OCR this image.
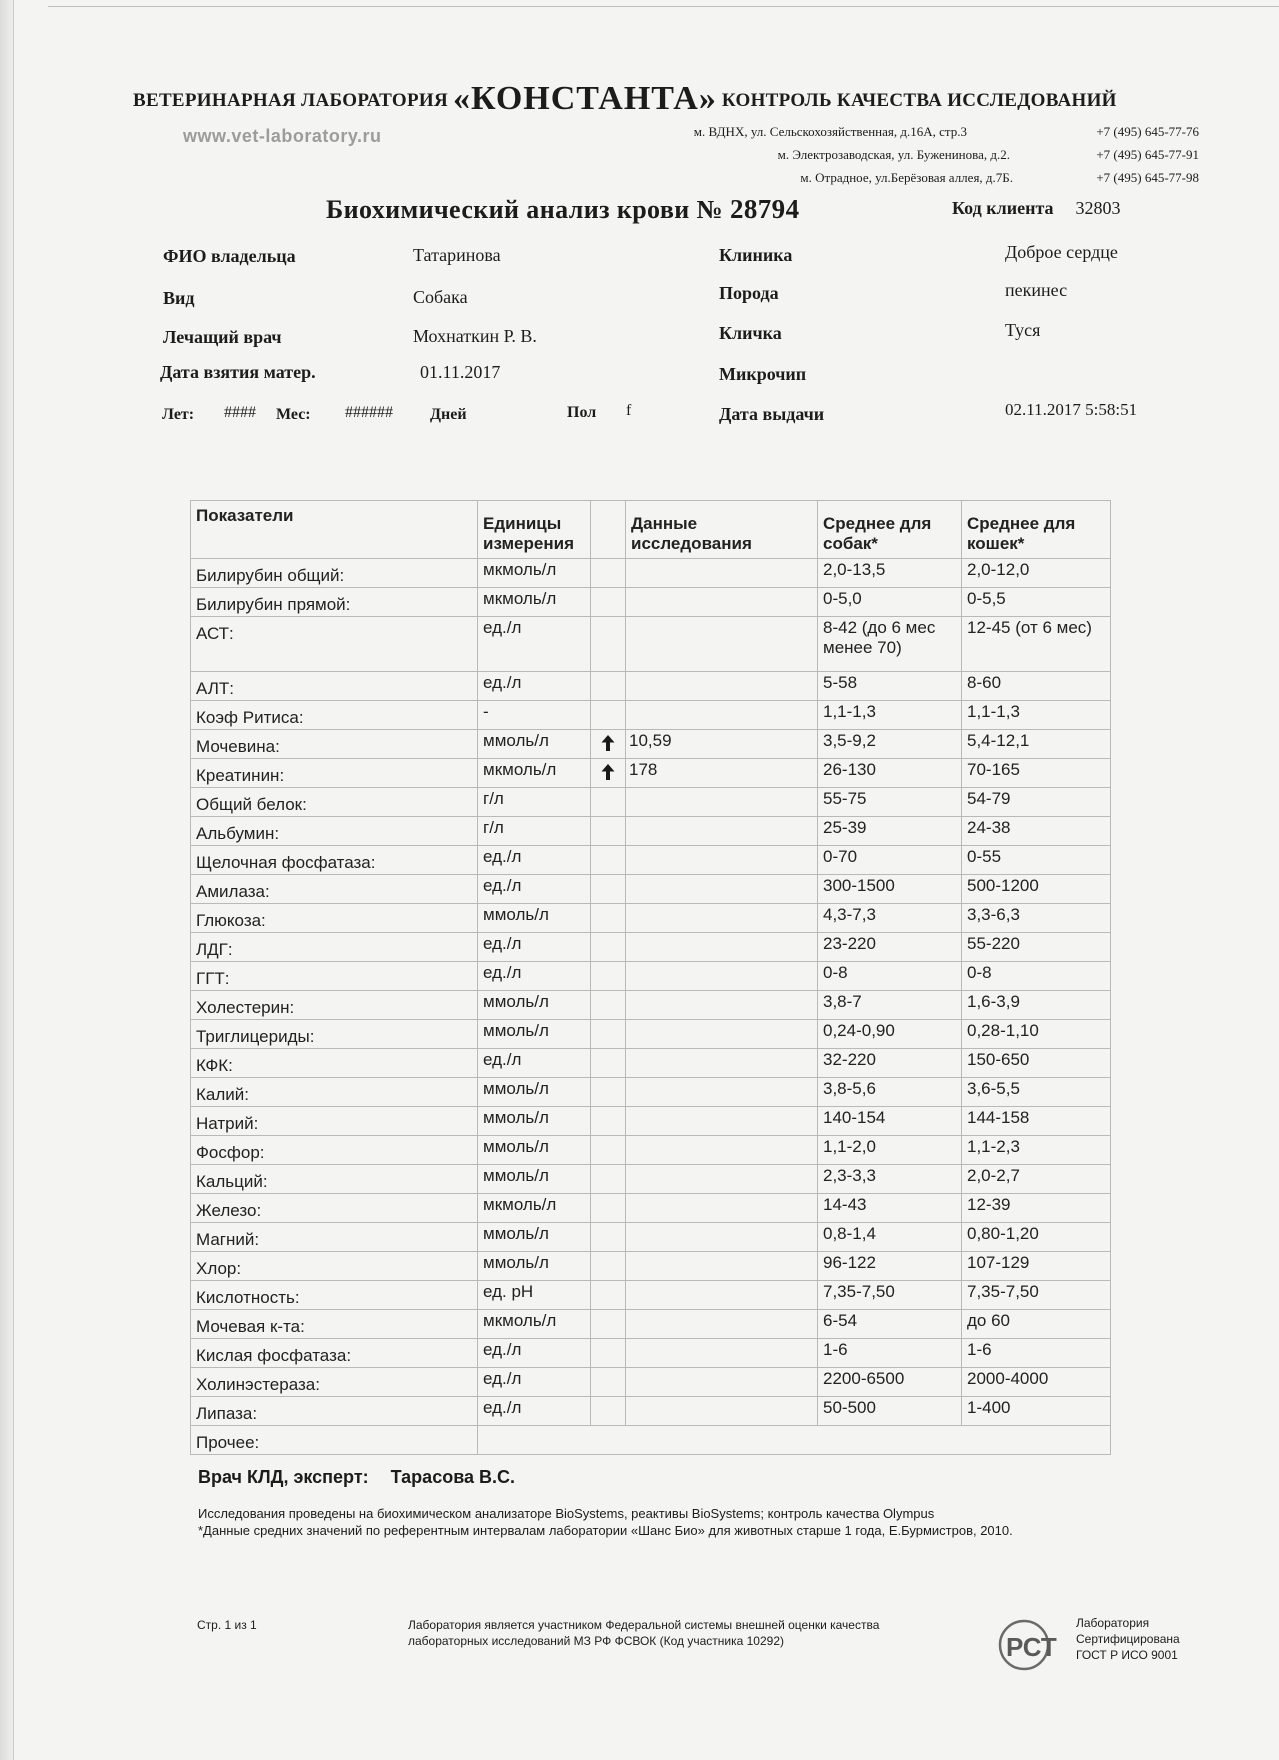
ВЕТЕРИНАРНАЯ ЛАБОРАТОРИЯ «КОНСТАНТА» КОНТРОЛЬ КАЧЕСТВА ИССЛЕДОВАНИЙ
www.vet-laboratory.ru	м. ВДНХ, ул. Сельскохозяйственная, д.16А, стр.3	+7 (495) 645-77-76
м. Электрозаводская, ул. Буженинова, д.2.	+7 (495) 645-77-91
м. Отрадное, ул.Берёзовая аллея, д.7Б.	+7 (495) 645-77-98
Биохимический анализ крови № 28794	Код клиента 32803
ФИО владельца	Татаринова
Вид	Собака
Лечащий врач	Мохнаткин Р. В.
Дата взятия матер.	01.11.2017
Лет: #### Мес: ###### Дней	Пол f
Клиника	Доброе сердце
Порода	пекинес
Кличка	Туся
Микрочип
Дата выдачи	02.11.2017 5:58:51
Показатели	Единицы измерения		Данные исследования	Среднее для собак*	Среднее для кошек*
Билирубин общий:	мкмоль/л			2,0-13,5	2,0-12,0
Билирубин прямой:	мкмоль/л			0-5,0	0-5,5
АСТ:	ед./л			8-42 (до 6 мес менее 70)	12-45 (от 6 мес)
АЛТ:	ед./л			5-58	8-60
Коэф Ритиса:	-			1,1-1,3	1,1-1,3
Мочевина:	ммоль/л		10,59	3,5-9,2	5,4-12,1
Креатинин:	мкмоль/л		178	26-130	70-165
Общий белок:	г/л			55-75	54-79
Альбумин:	г/л			25-39	24-38
Щелочная фосфатаза:	ед./л			0-70	0-55
Амилаза:	ед./л			300-1500	500-1200
Глюкоза:	ммоль/л			4,3-7,3	3,3-6,3
ЛДГ:	ед./л			23-220	55-220
ГГТ:	ед./л			0-8	0-8
Холестерин:	ммоль/л			3,8-7	1,6-3,9
Триглицериды:	ммоль/л			0,24-0,90	0,28-1,10
КФК:	ед./л			32-220	150-650
Калий:	ммоль/л			3,8-5,6	3,6-5,5
Натрий:	ммоль/л			140-154	144-158
Фосфор:	ммоль/л			1,1-2,0	1,1-2,3
Кальций:	ммоль/л			2,3-3,3	2,0-2,7
Железо:	мкмоль/л			14-43	12-39
Магний:	ммоль/л			0,8-1,4	0,80-1,20
Хлор:	ммоль/л			96-122	107-129
Кислотность:	ед. pH			7,35-7,50	7,35-7,50
Мочевая к-та:	мкмоль/л			6-54	до 60
Кислая фосфатаза:	ед./л			1-6	1-6
Холинэстераза:	ед./л			2200-6500	2000-4000
Липаза:	ед./л			50-500	1-400
Прочее:					
Врач КЛД, эксперт: Тарасова В.С.
Исследования проведены на биохимическом анализаторе BioSystems, реактивы BioSystems; контроль качества Olympus
*Данные средних значений по референтным интервалам лаборатории «Шанс Био» для животных старше 1 года, Е.Бурмистров, 2010.
Стр. 1 из 1	Лаборатория является участником Федеральной системы внешней оценки качества
лабораторных исследований МЗ РФ ФСВОК (Код участника 10292)	РСТ
Лаборатория
Сертифицирована
ГОСТ Р ИСО 9001
